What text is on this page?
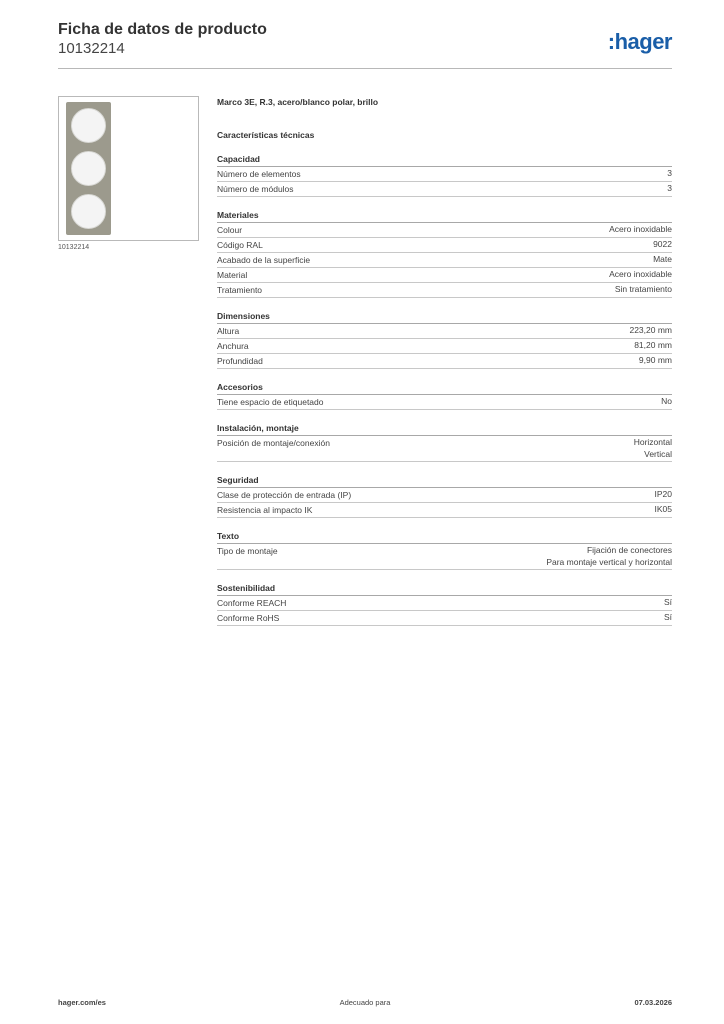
Ficha de datos de producto
10132214	:hager
10132214
Marco 3E, R.3, acero/blanco polar, brillo
Características técnicas
Capacidad
Número de elementos	3
Número de módulos	3
Materiales
Colour	Acero inoxidable
Código RAL	9022
Acabado de la superficie	Mate
Material	Acero inoxidable
Tratamiento	Sin tratamiento
Dimensiones
Altura	223,20 mm
Anchura	81,20 mm
Profundidad	9,90 mm
Accesorios
Tiene espacio de etiquetado	No
Instalación, montaje
Posición de montaje/conexión	Horizontal
Vertical
Seguridad
Clase de protección de entrada (IP)	IP20
Resistencia al impacto IK	IK05
Texto
Tipo de montaje	Fijación de conectores
Para montaje vertical y horizontal
Sostenibilidad
Conforme REACH	Sí
Conforme RoHS	Sí
hager.com/es	Adecuado para	07.03.2026
